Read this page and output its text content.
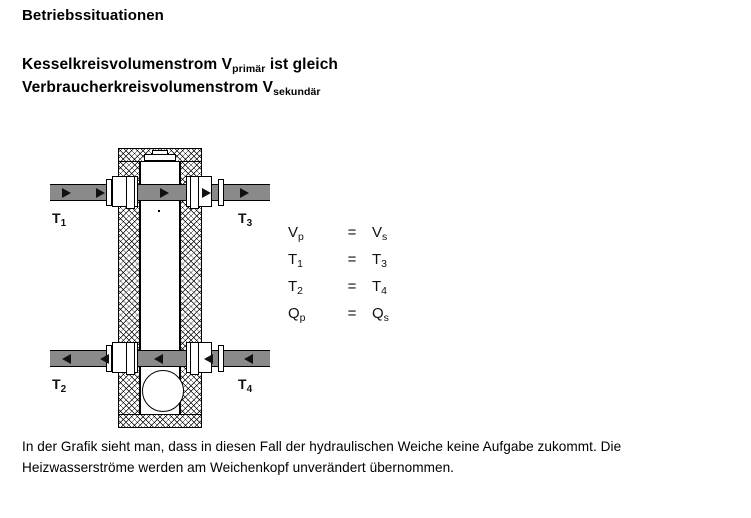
Betriebssituationen
Kesselkreisvolumenstrom $V_{primär}$ ist gleich
Verbraucherkreisvolumenstrom $V_{sekundär}$
$T_1$	$T_3$
$T_2$	$T_4$
$V_p$	=	$V_s$
$T_1$	=	$T_3$
$T_2$	=	$T_4$
$Q_p$	=	$Q_s$
In der Grafik sieht man, dass in diesen Fall der hydraulischen Weiche keine Aufgabe zukommt. Die Heizwasserströme werden am Weichenkopf unverändert übernommen.
